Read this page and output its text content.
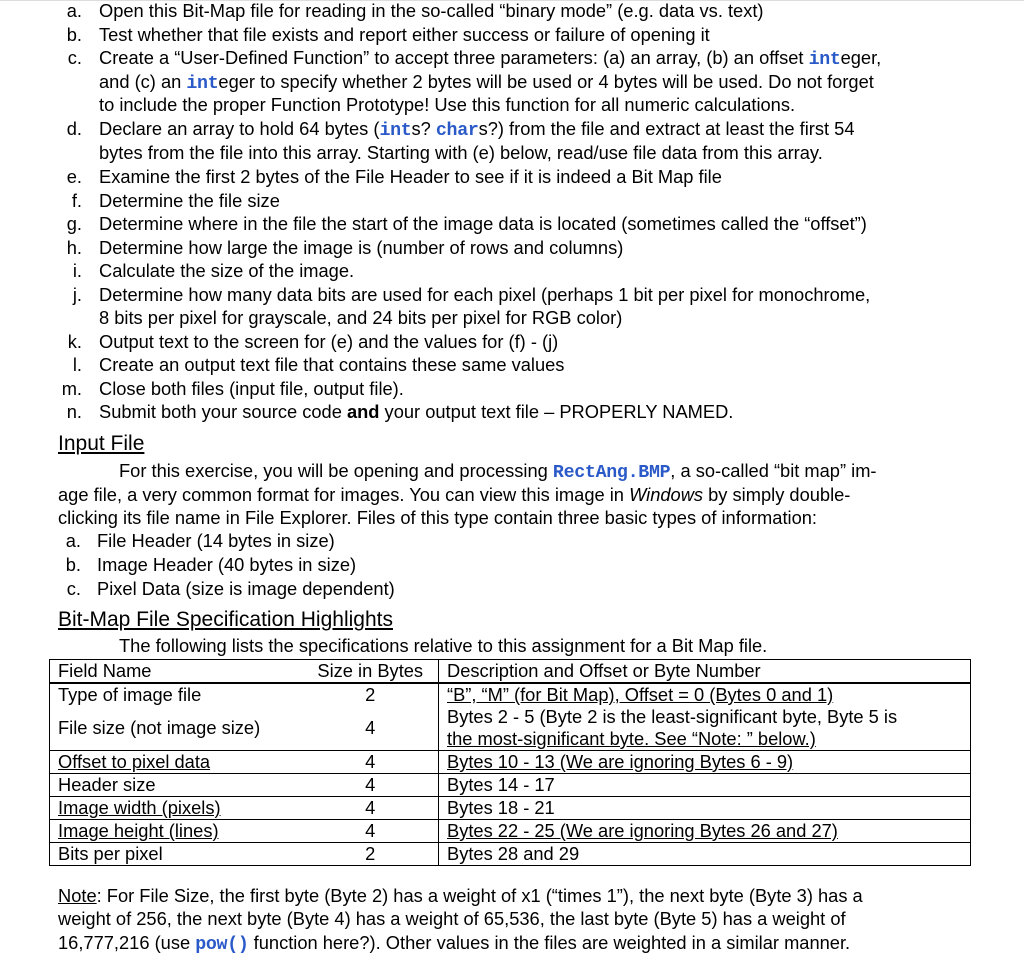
a. Open this Bit-Map file for reading in the so-called “binary mode” (e.g. data vs. text)
b. Test whether that file exists and report either success or failure of opening it
c. Create a “User-Defined Function” to accept three parameters: (a) an array, (b) an offset integer,
and (c) an integer to specify whether 2 bytes will be used or 4 bytes will be used. Do not forget
to include the proper Function Prototype! Use this function for all numeric calculations.
d. Declare an array to hold 64 bytes (ints? chars?) from the file and extract at least the first 54
bytes from the file into this array. Starting with (e) below, read/use file data from this array.
e. Examine the first 2 bytes of the File Header to see if it is indeed a Bit Map file
f. Determine the file size
g. Determine where in the file the start of the image data is located (sometimes called the “offset”)
h. Determine how large the image is (number of rows and columns)
i. Calculate the size of the image.
j. Determine how many data bits are used for each pixel (perhaps 1 bit per pixel for monochrome,
8 bits per pixel for grayscale, and 24 bits per pixel for RGB color)
k. Output text to the screen for (e) and the values for (f) - (j)
l. Create an output text file that contains these same values
m. Close both files (input file, output file).
n. Submit both your source code and your output text file – PROPERLY NAMED.
Input File
For this exercise, you will be opening and processing RectAng.BMP, a so-called “bit map” im-
age file, a very common format for images. You can view this image in Windows by simply double-
clicking its file name in File Explorer. Files of this type contain three basic types of information:
a. File Header (14 bytes in size)
b. Image Header (40 bytes in size)
c. Pixel Data (size is image dependent)
Bit-Map File Specification Highlights
The following lists the specifications relative to this assignment for a Bit Map file.
Field Name	Size in Bytes	Description and Offset or Byte Number
Type of image file	2	“B”, “M” (for Bit Map), Offset = 0 (Bytes 0 and 1)
File size (not image size)	4	Bytes 2 - 5 (Byte 2 is the least-significant byte, Byte 5 is
the most-significant byte. See “Note: ” below.)
Offset to pixel data	4	Bytes 10 - 13 (We are ignoring Bytes 6 - 9)
Header size	4	Bytes 14 - 17
Image width (pixels)	4	Bytes 18 - 21
Image height (lines)	4	Bytes 22 - 25 (We are ignoring Bytes 26 and 27)
Bits per pixel	2	Bytes 28 and 29
Note: For File Size, the first byte (Byte 2) has a weight of x1 (“times 1”), the next byte (Byte 3) has a
weight of 256, the next byte (Byte 4) has a weight of 65,536, the last byte (Byte 5) has a weight of
16,777,216 (use pow() function here?). Other values in the files are weighted in a similar manner.
